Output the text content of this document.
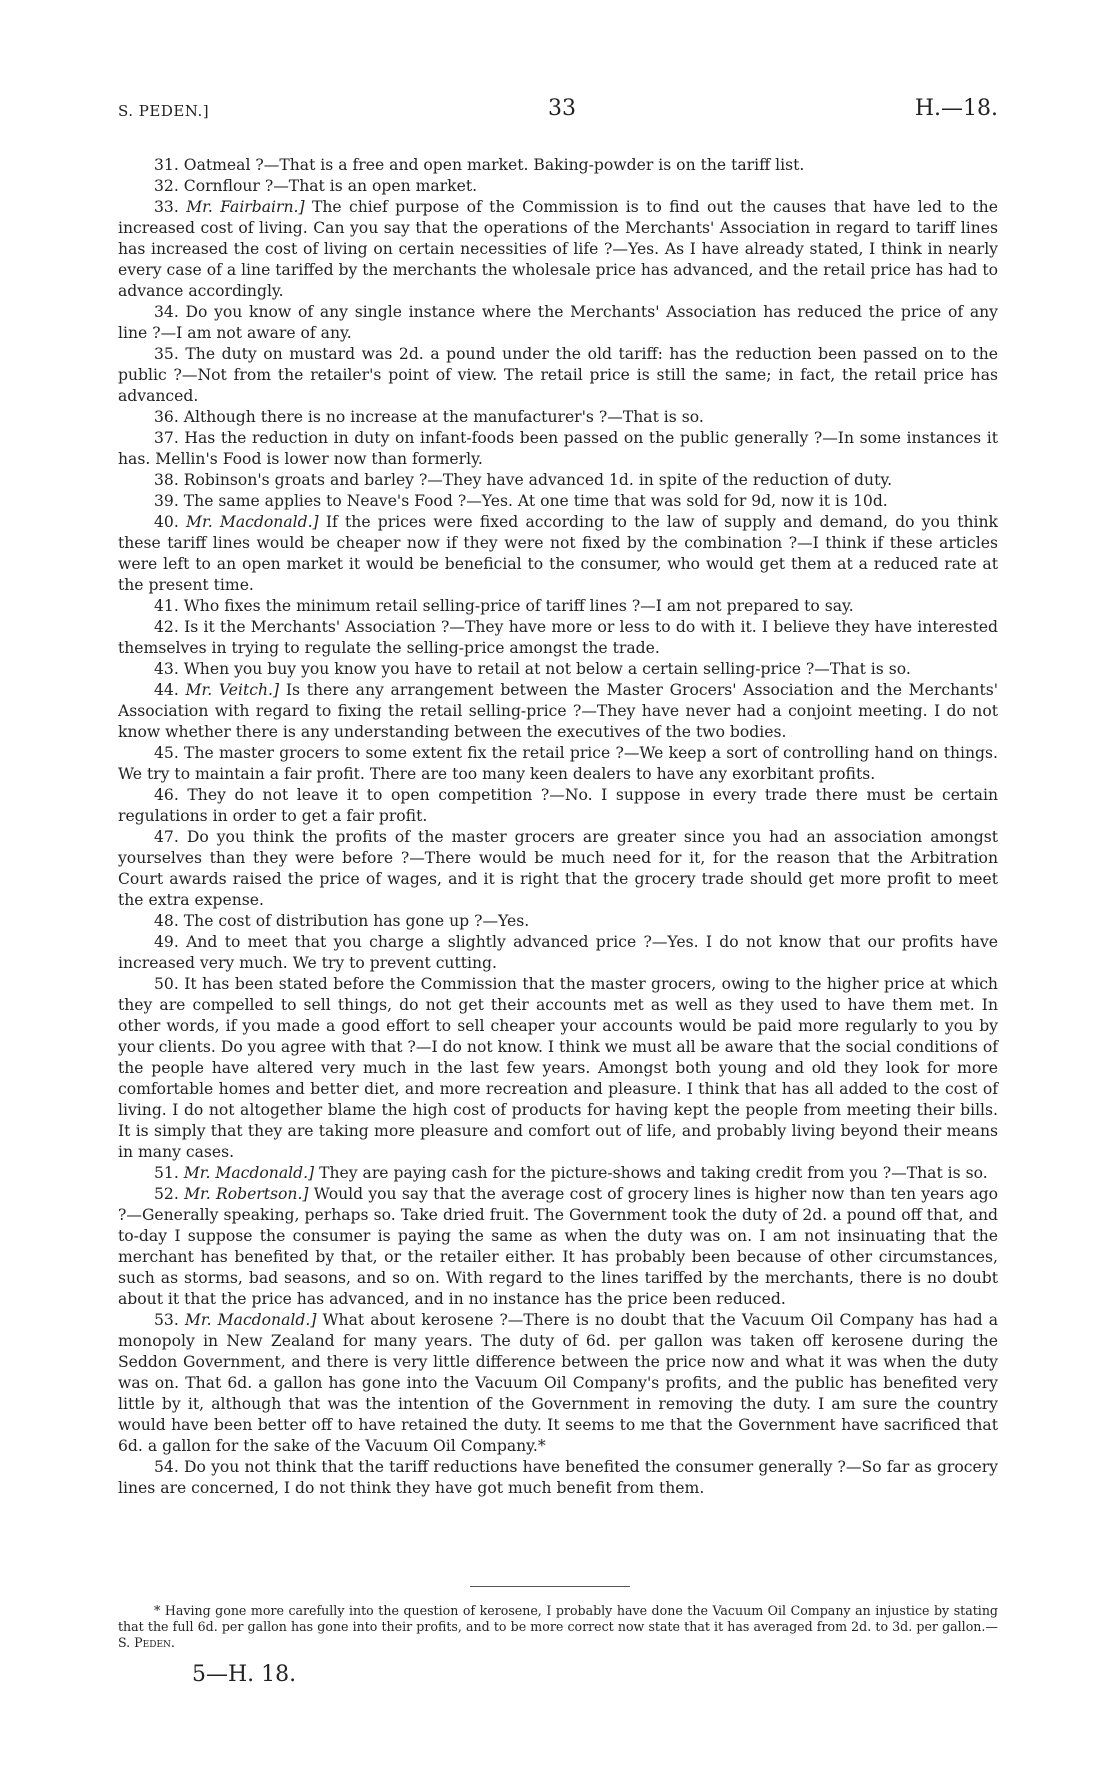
S. PEDEN.]	33	H.—18.

31. Oatmeal ?—That is a free and open market. Baking-powder is on the tariff list.

32. Cornflour ?—That is an open market.

33. Mr. Fairbairn.] The chief purpose of the Commission is to find out the causes that have led to the increased cost of living. Can you say that the operations of the Merchants' Association in regard to tariff lines has increased the cost of living on certain necessities of life ?—Yes. As I have already stated, I think in nearly every case of a line tariffed by the merchants the wholesale price has advanced, and the retail price has had to advance accordingly.

34. Do you know of any single instance where the Merchants' Association has reduced the price of any line ?—I am not aware of any.

35. The duty on mustard was 2d. a pound under the old tariff: has the reduction been passed on to the public ?—Not from the retailer's point of view. The retail price is still the same; in fact, the retail price has advanced.

36. Although there is no increase at the manufacturer's ?—That is so.

37. Has the reduction in duty on infant-foods been passed on the public generally ?—In some instances it has. Mellin's Food is lower now than formerly.

38. Robinson's groats and barley ?—They have advanced 1d. in spite of the reduction of duty.

39. The same applies to Neave's Food ?—Yes. At one time that was sold for 9d, now it is 10d.

40. Mr. Macdonald.] If the prices were fixed according to the law of supply and demand, do you think these tariff lines would be cheaper now if they were not fixed by the combination ?—I think if these articles were left to an open market it would be beneficial to the consumer, who would get them at a reduced rate at the present time.

41. Who fixes the minimum retail selling-price of tariff lines ?—I am not prepared to say.

42. Is it the Merchants' Association ?—They have more or less to do with it. I believe they have interested themselves in trying to regulate the selling-price amongst the trade.

43. When you buy you know you have to retail at not below a certain selling-price ?—That is so.

44. Mr. Veitch.] Is there any arrangement between the Master Grocers' Association and the Merchants' Association with regard to fixing the retail selling-price ?—They have never had a conjoint meeting. I do not know whether there is any understanding between the executives of the two bodies.

45. The master grocers to some extent fix the retail price ?—We keep a sort of controlling hand on things. We try to maintain a fair profit. There are too many keen dealers to have any exorbitant profits.

46. They do not leave it to open competition ?—No. I suppose in every trade there must be certain regulations in order to get a fair profit.

47. Do you think the profits of the master grocers are greater since you had an association amongst yourselves than they were before ?—There would be much need for it, for the reason that the Arbitration Court awards raised the price of wages, and it is right that the grocery trade should get more profit to meet the extra expense.

48. The cost of distribution has gone up ?—Yes.

49. And to meet that you charge a slightly advanced price ?—Yes. I do not know that our profits have increased very much. We try to prevent cutting.

50. It has been stated before the Commission that the master grocers, owing to the higher price at which they are compelled to sell things, do not get their accounts met as well as they used to have them met. In other words, if you made a good effort to sell cheaper your accounts would be paid more regularly to you by your clients. Do you agree with that ?—I do not know. I think we must all be aware that the social conditions of the people have altered very much in the last few years. Amongst both young and old they look for more comfortable homes and better diet, and more recreation and pleasure. I think that has all added to the cost of living. I do not altogether blame the high cost of products for having kept the people from meeting their bills. It is simply that they are taking more pleasure and comfort out of life, and probably living beyond their means in many cases.

51. Mr. Macdonald.] They are paying cash for the picture-shows and taking credit from you ?—That is so.

52. Mr. Robertson.] Would you say that the average cost of grocery lines is higher now than ten years ago ?—Generally speaking, perhaps so. Take dried fruit. The Government took the duty of 2d. a pound off that, and to-day I suppose the consumer is paying the same as when the duty was on. I am not insinuating that the merchant has benefited by that, or the retailer either. It has probably been because of other circumstances, such as storms, bad seasons, and so on. With regard to the lines tariffed by the merchants, there is no doubt about it that the price has advanced, and in no instance has the price been reduced.

53. Mr. Macdonald.] What about kerosene ?—There is no doubt that the Vacuum Oil Company has had a monopoly in New Zealand for many years. The duty of 6d. per gallon was taken off kerosene during the Seddon Government, and there is very little difference between the price now and what it was when the duty was on. That 6d. a gallon has gone into the Vacuum Oil Company's profits, and the public has benefited very little by it, although that was the intention of the Government in removing the duty. I am sure the country would have been better off to have retained the duty. It seems to me that the Government have sacrificed that 6d. a gallon for the sake of the Vacuum Oil Company.*

54. Do you not think that the tariff reductions have benefited the consumer generally ?—So far as grocery lines are concerned, I do not think they have got much benefit from them.

* Having gone more carefully into the question of kerosene, I probably have done the Vacuum Oil Company an injustice by stating that the full 6d. per gallon has gone into their profits, and to be more correct now state that it has averaged from 2d. to 3d. per gallon.—S. Peden.

5—H. 18.
